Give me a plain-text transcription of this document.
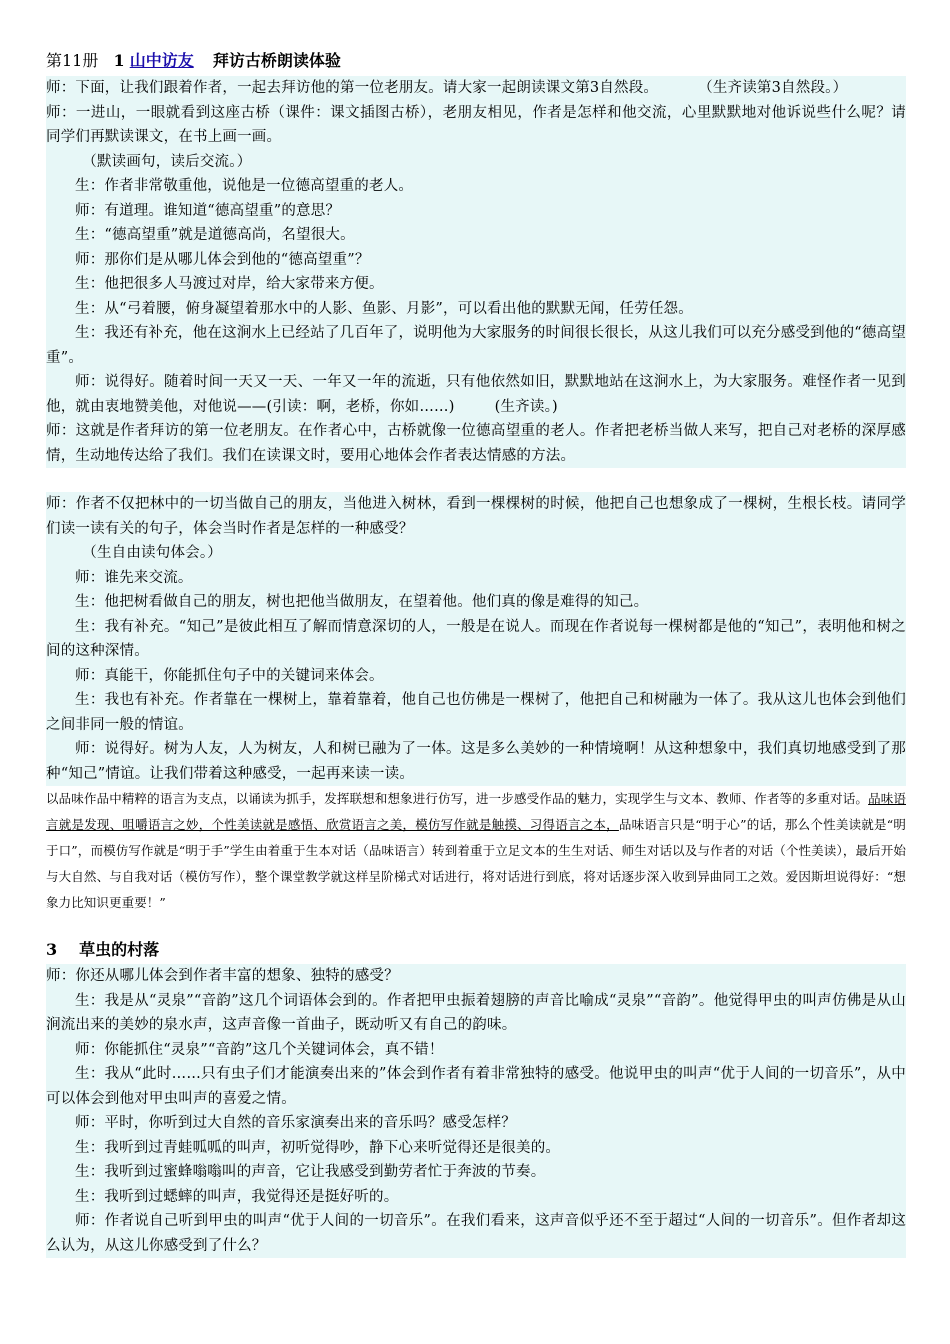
第11册 1 山中访友 拜访古桥朗读体验

师：下面，让我们跟着作者，一起去拜访他的第一位老朋友。请大家一起朗读课文第3自然段。	（生齐读第3自然段。）

师：一进山，一眼就看到这座古桥（课件：课文插图古桥），老朋友相见，作者是怎样和他交流，心里默默地对他诉说些什么呢？请同学们再默读课文，在书上画一画。

（默读画句，读后交流。）

生：作者非常敬重他，说他是一位德高望重的老人。

师：有道理。谁知道“德高望重”的意思？

生：“德高望重”就是道德高尚，名望很大。

师：那你们是从哪儿体会到他的“德高望重”？

生：他把很多人马渡过对岸，给大家带来方便。

生：从“弓着腰，俯身凝望着那水中的人影、鱼影、月影”，可以看出他的默默无闻，任劳任怨。

生：我还有补充，他在这涧水上已经站了几百年了，说明他为大家服务的时间很长很长，从这儿我们可以充分感受到他的“德高望重”。

师：说得好。随着时间一天又一天、一年又一年的流逝，只有他依然如旧，默默地站在这涧水上，为大家服务。难怪作者一见到他，就由衷地赞美他，对他说——(引读：啊，老桥，你如……)	(生齐读。)

师：这就是作者拜访的第一位老朋友。在作者心中，古桥就像一位德高望重的老人。作者把老桥当做人来写，把自己对老桥的深厚感情，生动地传达给了我们。我们在读课文时，要用心地体会作者表达情感的方法。

师：作者不仅把林中的一切当做自己的朋友，当他进入树林，看到一棵棵树的时候，他把自己也想象成了一棵树，生根长枝。请同学们读一读有关的句子，体会当时作者是怎样的一种感受？

（生自由读句体会。）

师：谁先来交流。

生：他把树看做自己的朋友，树也把他当做朋友，在望着他。他们真的像是难得的知己。

生：我有补充。“知己”是彼此相互了解而情意深切的人，一般是在说人。而现在作者说每一棵树都是他的“知己”，表明他和树之间的这种深情。

师：真能干，你能抓住句子中的关键词来体会。

生：我也有补充。作者靠在一棵树上，靠着靠着，他自己也仿佛是一棵树了，他把自己和树融为一体了。我从这儿也体会到他们之间非同一般的情谊。

师：说得好。树为人友，人为树友，人和树已融为了一体。这是多么美妙的一种情境啊！从这种想象中，我们真切地感受到了那种“知己”情谊。让我们带着这种感受，一起再来读一读。

以品味作品中精粹的语言为支点，以诵读为抓手，发挥联想和想象进行仿写，进一步感受作品的魅力，实现学生与文本、教师、作者等的多重对话。品味语言就是发现、咀嚼语言之妙，个性美读就是感悟、欣赏语言之美，模仿写作就是触摸、习得语言之本，品味语言只是“明于心”的话，那么个性美读就是“明于口”，而模仿写作就是“明于手”学生由着重于生本对话（品味语言）转到着重于立足文本的生生对话、师生对话以及与作者的对话（个性美读），最后开始与大自然、与自我对话（模仿写作），整个课堂教学就这样呈阶梯式对话进行，将对话进行到底，将对话逐步深入收到异曲同工之效。爱因斯坦说得好：“想象力比知识更重要！”

3 草虫的村落

师：你还从哪儿体会到作者丰富的想象、独特的感受？

生：我是从“灵泉”“音韵”这几个词语体会到的。作者把甲虫振着翅膀的声音比喻成“灵泉”“音韵”。他觉得甲虫的叫声仿佛是从山涧流出来的美妙的泉水声，这声音像一首曲子，既动听又有自己的韵味。

师：你能抓住“灵泉”“音韵”这几个关键词体会，真不错！

生：我从“此时……只有虫子们才能演奏出来的”体会到作者有着非常独特的感受。他说甲虫的叫声“优于人间的一切音乐”，从中可以体会到他对甲虫叫声的喜爱之情。

师：平时，你听到过大自然的音乐家演奏出来的音乐吗？感受怎样？

生：我听到过青蛙呱呱的叫声，初听觉得吵，静下心来听觉得还是很美的。

生：我听到过蜜蜂嗡嗡叫的声音，它让我感受到勤劳者忙于奔波的节奏。

生：我听到过蟋蟀的叫声，我觉得还是挺好听的。

师：作者说自己听到甲虫的叫声“优于人间的一切音乐”。在我们看来，这声音似乎还不至于超过“人间的一切音乐”。但作者却这么认为，从这儿你感受到了什么？
